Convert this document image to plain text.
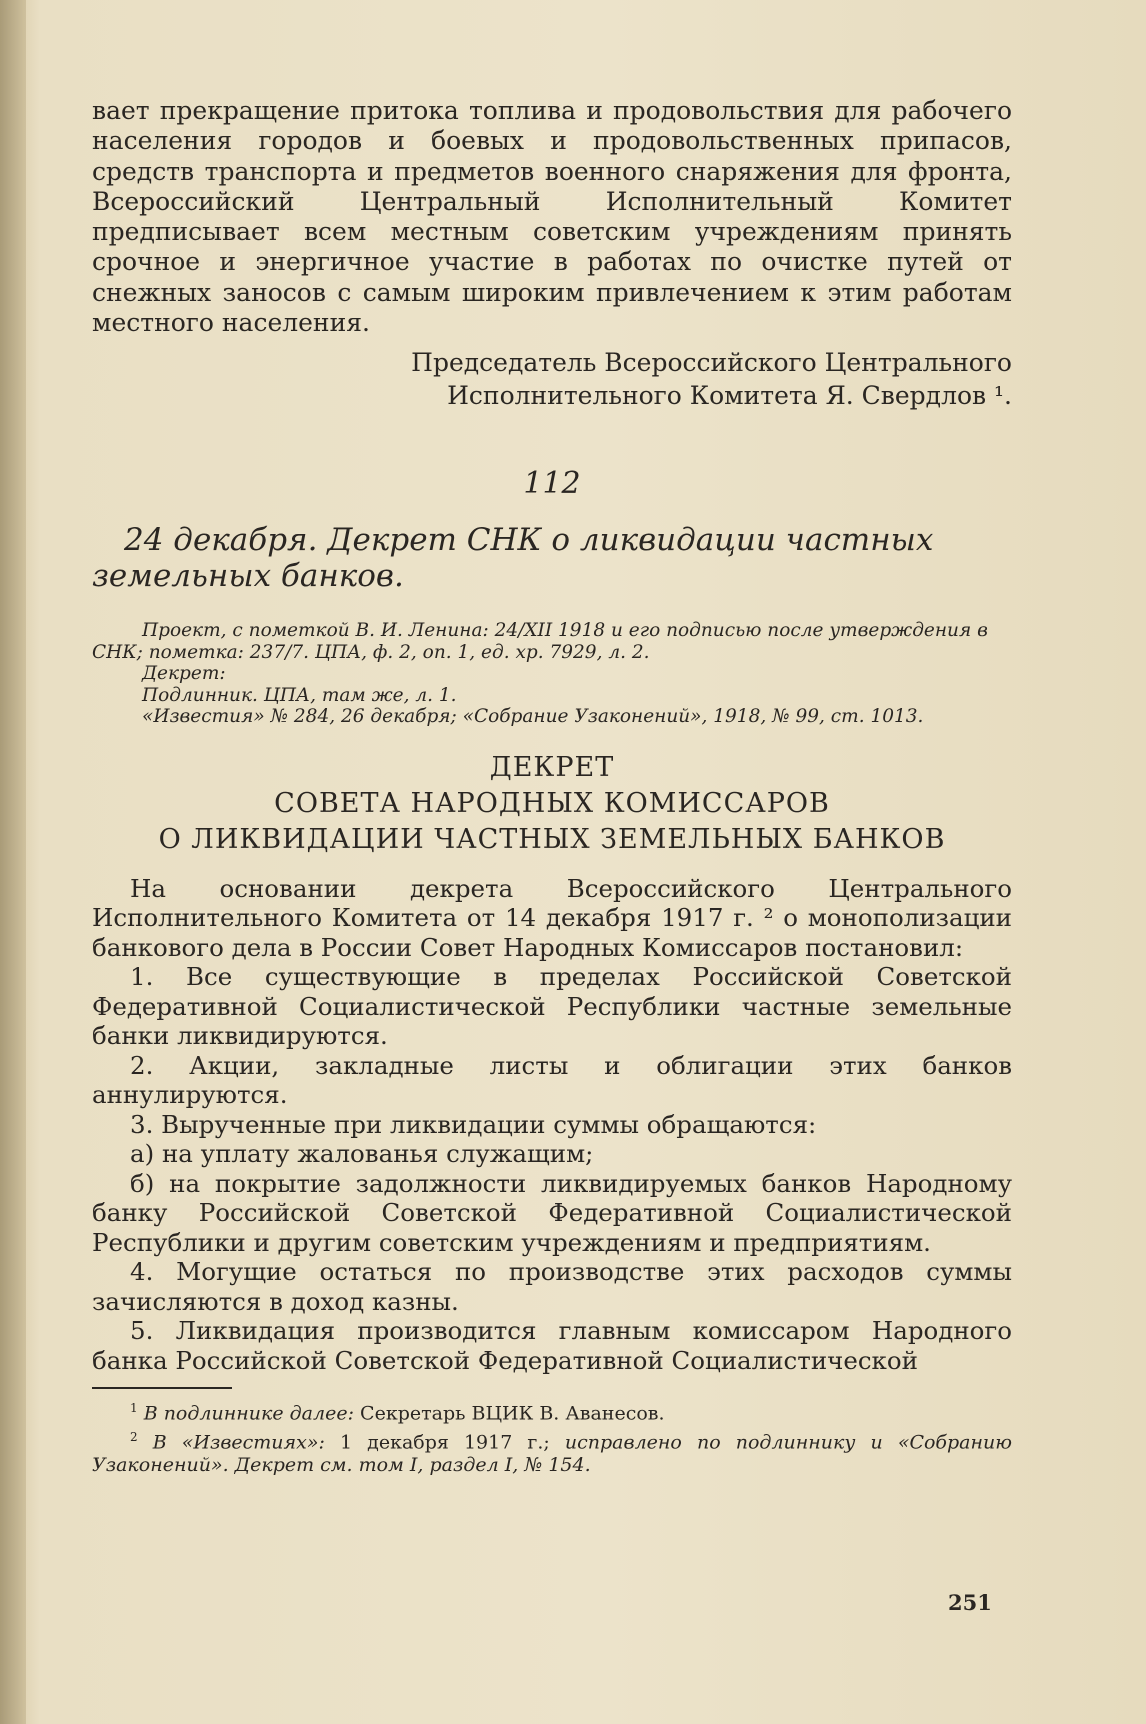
вает прекращение притока топлива и продовольствия для рабочего населения городов и боевых и продовольственных припасов, средств транспорта и предметов военного снаряжения для фронта, Всероссийский Центральный Исполнительный Комитет предписывает всем местным советским учреждениям принять срочное и энергичное участие в работах по очистке путей от снежных заносов с самым широким привлечением к этим работам местного населения.

Председатель Всероссийского Центрального
Исполнительного Комитета Я. Свердлов ¹.
112
24 декабря. Декрет СНК о ликвидации частных земельных банков.
Проект, с пометкой В. И. Ленина: 24/XII 1918 и его подписью после утверждения в СНК; пометка: 237/7. ЦПА, ф. 2, оп. 1, ед. хр. 7929, л. 2.
Декрет:
Подлинник. ЦПА, там же, л. 1.
«Известия» № 284, 26 декабря; «Собрание Узаконений», 1918, № 99, ст. 1013.
ДЕКРЕТ
СОВЕТА НАРОДНЫХ КОМИССАРОВ
О ЛИКВИДАЦИИ ЧАСТНЫХ ЗЕМЕЛЬНЫХ БАНКОВ

На основании декрета Всероссийского Центрального Исполнительного Комитета от 14 декабря 1917 г. ² о монополизации банкового дела в России Совет Народных Комиссаров постановил:

1. Все существующие в пределах Российской Советской Федеративной Социалистической Республики частные земельные банки ликвидируются.

2. Акции, закладные листы и облигации этих банков аннулируются.

3. Вырученные при ликвидации суммы обращаются:

а) на уплату жалованья служащим;

б) на покрытие задолжности ликвидируемых банков Народному банку Российской Советской Федеративной Социалистической Республики и другим советским учреждениям и предприятиям.

4. Могущие остаться по производстве этих расходов суммы зачисляются в доход казны.

5. Ликвидация производится главным комиссаром Народного банка Российской Советской Федеративной Социалистической

$^1$ В подлиннике далее: Секретарь ВЦИК В. Аванесов.

$^2$ В «Известиях»: 1 декабря 1917 г.; исправлено по подлиннику и «Собранию Узаконений». Декрет см. том I, раздел I, № 154.

251
